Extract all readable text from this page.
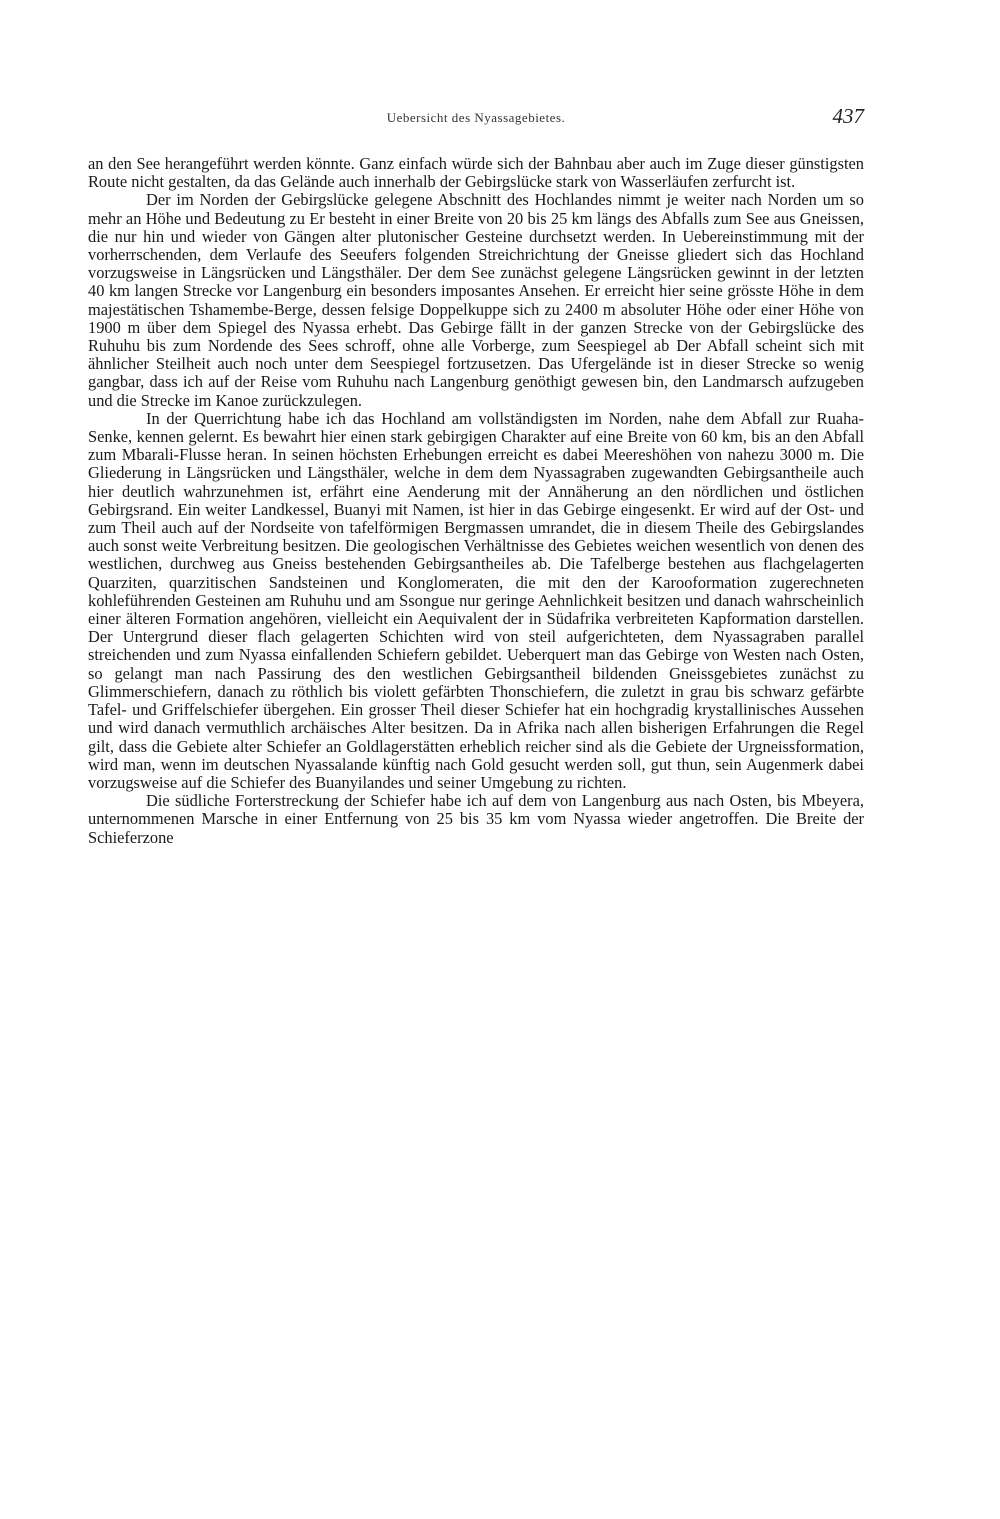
Uebersicht des Nyassagebietes.	437

an den See herangeführt werden könnte. Ganz einfach würde sich der Bahnbau aber auch im Zuge dieser günstigsten Route nicht gestalten, da das Gelände auch innerhalb der Gebirgslücke stark von Wasserläufen zerfurcht ist.

Der im Norden der Gebirgslücke gelegene Abschnitt des Hochlandes nimmt je weiter nach Norden um so mehr an Höhe und Bedeutung zu Er besteht in einer Breite von 20 bis 25 km längs des Abfalls zum See aus Gneissen, die nur hin und wieder von Gängen alter plutonischer Gesteine durchsetzt werden. In Uebereinstimmung mit der vorherrschenden, dem Verlaufe des Seeufers folgenden Streichrichtung der Gneisse gliedert sich das Hochland vorzugsweise in Längsrücken und Längsthäler. Der dem See zunächst gelegene Längsrücken gewinnt in der letzten 40 km langen Strecke vor Langenburg ein besonders imposantes Ansehen. Er erreicht hier seine grösste Höhe in dem majestätischen Tshamembe-Berge, dessen felsige Doppelkuppe sich zu 2400 m absoluter Höhe oder einer Höhe von 1900 m über dem Spiegel des Nyassa erhebt. Das Gebirge fällt in der ganzen Strecke von der Gebirgslücke des Ruhuhu bis zum Nordende des Sees schroff, ohne alle Vorberge, zum Seespiegel ab Der Abfall scheint sich mit ähnlicher Steilheit auch noch unter dem Seespiegel fortzusetzen. Das Ufergelände ist in dieser Strecke so wenig gangbar, dass ich auf der Reise vom Ruhuhu nach Langenburg genöthigt gewesen bin, den Landmarsch aufzugeben und die Strecke im Kanoe zurückzulegen.

In der Querrichtung habe ich das Hochland am vollständigsten im Norden, nahe dem Abfall zur Ruaha-Senke, kennen gelernt. Es bewahrt hier einen stark gebirgigen Charakter auf eine Breite von 60 km, bis an den Abfall zum Mbarali-Flusse heran. In seinen höchsten Erhebungen erreicht es dabei Meereshöhen von nahezu 3000 m. Die Gliederung in Längsrücken und Längsthäler, welche in dem dem Nyassagraben zugewandten Gebirgsantheile auch hier deutlich wahrzunehmen ist, erfährt eine Aenderung mit der Annäherung an den nördlichen und östlichen Gebirgsrand. Ein weiter Landkessel, Buanyi mit Namen, ist hier in das Gebirge eingesenkt. Er wird auf der Ost- und zum Theil auch auf der Nordseite von tafelförmigen Bergmassen umrandet, die in diesem Theile des Gebirgslandes auch sonst weite Verbreitung besitzen. Die geologischen Verhältnisse des Gebietes weichen wesentlich von denen des westlichen, durchweg aus Gneiss bestehenden Gebirgsantheiles ab. Die Tafelberge bestehen aus flachgelagerten Quarziten, quarzitischen Sandsteinen und Konglomeraten, die mit den der Karooformation zugerechneten kohleführenden Gesteinen am Ruhuhu und am Ssongue nur geringe Aehnlichkeit besitzen und danach wahrscheinlich einer älteren Formation angehören, vielleicht ein Aequivalent der in Südafrika verbreiteten Kapformation darstellen. Der Untergrund dieser flach gelagerten Schichten wird von steil aufgerichteten, dem Nyassagraben parallel streichenden und zum Nyassa einfallenden Schiefern gebildet. Ueberquert man das Gebirge von Westen nach Osten, so gelangt man nach Passirung des den westlichen Gebirgsantheil bildenden Gneissgebietes zunächst zu Glimmerschiefern, danach zu röthlich bis violett gefärbten Thonschiefern, die zuletzt in grau bis schwarz gefärbte Tafel- und Griffelschiefer übergehen. Ein grosser Theil dieser Schiefer hat ein hochgradig krystallinisches Aussehen und wird danach vermuthlich archäisches Alter besitzen. Da in Afrika nach allen bisherigen Erfahrungen die Regel gilt, dass die Gebiete alter Schiefer an Goldlagerstätten erheblich reicher sind als die Gebiete der Urgneissformation, wird man, wenn im deutschen Nyassalande künftig nach Gold gesucht werden soll, gut thun, sein Augenmerk dabei vorzugsweise auf die Schiefer des Buanyilandes und seiner Umgebung zu richten.

Die südliche Forterstreckung der Schiefer habe ich auf dem von Langenburg aus nach Osten, bis Mbeyera, unternommenen Marsche in einer Entfernung von 25 bis 35 km vom Nyassa wieder angetroffen. Die Breite der Schieferzone
